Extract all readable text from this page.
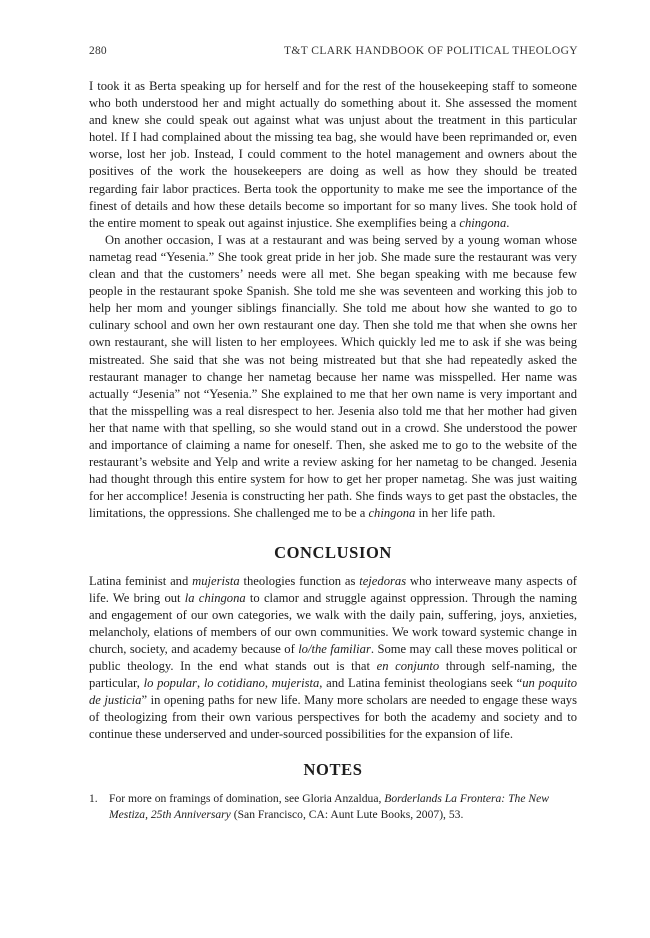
280	T&T CLARK HANDBOOK OF POLITICAL THEOLOGY

I took it as Berta speaking up for herself and for the rest of the housekeeping staff to someone who both understood her and might actually do something about it. She assessed the moment and knew she could speak out against what was unjust about the treatment in this particular hotel. If I had complained about the missing tea bag, she would have been reprimanded or, even worse, lost her job. Instead, I could comment to the hotel management and owners about the positives of the work the housekeepers are doing as well as how they should be treated regarding fair labor practices. Berta took the opportunity to make me see the importance of the finest of details and how these details become so important for so many lives. She took hold of the entire moment to speak out against injustice. She exemplifies being a chingona.

On another occasion, I was at a restaurant and was being served by a young woman whose nametag read “Yesenia.” She took great pride in her job. She made sure the restaurant was very clean and that the customers’ needs were all met. She began speaking with me because few people in the restaurant spoke Spanish. She told me she was seventeen and working this job to help her mom and younger siblings financially. She told me about how she wanted to go to culinary school and own her own restaurant one day. Then she told me that when she owns her own restaurant, she will listen to her employees. Which quickly led me to ask if she was being mistreated. She said that she was not being mistreated but that she had repeatedly asked the restaurant manager to change her nametag because her name was misspelled. Her name was actually “Jesenia” not “Yesenia.” She explained to me that her own name is very important and that the misspelling was a real disrespect to her. Jesenia also told me that her mother had given her that name with that spelling, so she would stand out in a crowd. She understood the power and importance of claiming a name for oneself. Then, she asked me to go to the website of the restaurant’s website and Yelp and write a review asking for her nametag to be changed. Jesenia had thought through this entire system for how to get her proper nametag. She was just waiting for her accomplice! Jesenia is constructing her path. She finds ways to get past the obstacles, the limitations, the oppressions. She challenged me to be a chingona in her life path.

CONCLUSION

Latina feminist and mujerista theologies function as tejedoras who interweave many aspects of life. We bring out la chingona to clamor and struggle against oppression. Through the naming and engagement of our own categories, we walk with the daily pain, suffering, joys, anxieties, melancholy, elations of members of our own communities. We work toward systemic change in church, society, and academy because of lo/the familiar. Some may call these moves political or public theology. In the end what stands out is that en conjunto through self-naming, the particular, lo popular, lo cotidiano, mujerista, and Latina feminist theologians seek “un poquito de justicia” in opening paths for new life. Many more scholars are needed to engage these ways of theologizing from their own various perspectives for both the academy and society and to continue these underserved and under-sourced possibilities for the expansion of life.

NOTES
1. For more on framings of domination, see Gloria Anzaldua, Borderlands La Frontera: The New Mestiza, 25th Anniversary (San Francisco, CA: Aunt Lute Books, 2007), 53.
